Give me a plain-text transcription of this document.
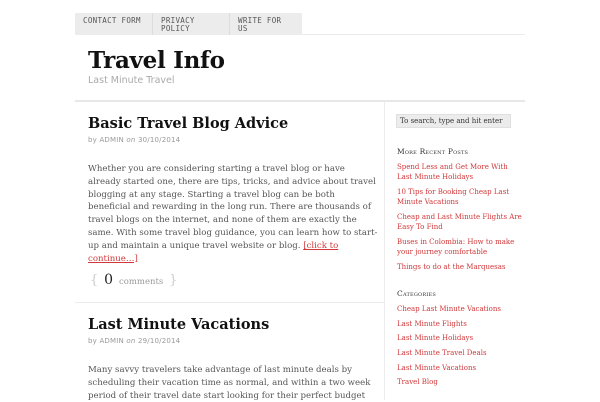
CONTACT FORM	PRIVACY POLICY
WRITE FOR US
Travel Info
Last Minute Travel
Basic Travel Blog Advice
by ADMIN on 30/10/2014
Whether you are considering starting a travel blog or have already started one, there are tips, tricks, and advice about travel blogging at any stage. Starting a travel blog can be both beneficial and rewarding in the long run. There are thousands of travel blogs on the internet, and none of them are exactly the same. With some travel blog guidance, you can learn how to start-up and maintain a unique travel website or blog. [click to continue…]
{ 0 comments }
Last Minute Vacations
by ADMIN on 29/10/2014
Many savvy travelers take advantage of last minute deals by scheduling their vacation time as normal, and within a two week period of their travel date start looking for their perfect budget
To search, type and hit enter
More Recent Posts
Spend Less and Get More With Last Minute Holidays
10 Tips for Booking Cheap Last Minute Vacations
Cheap and Last Minute Flights Are Easy To Find
Buses in Colombia: How to make your journey comfortable
Things to do at the Marquesas
Categories
Cheap Last Minute Vacations
Last Minute Flights
Last Minute Holidays
Last Minute Travel Deals
Last Minute Vacations
Travel Blog
